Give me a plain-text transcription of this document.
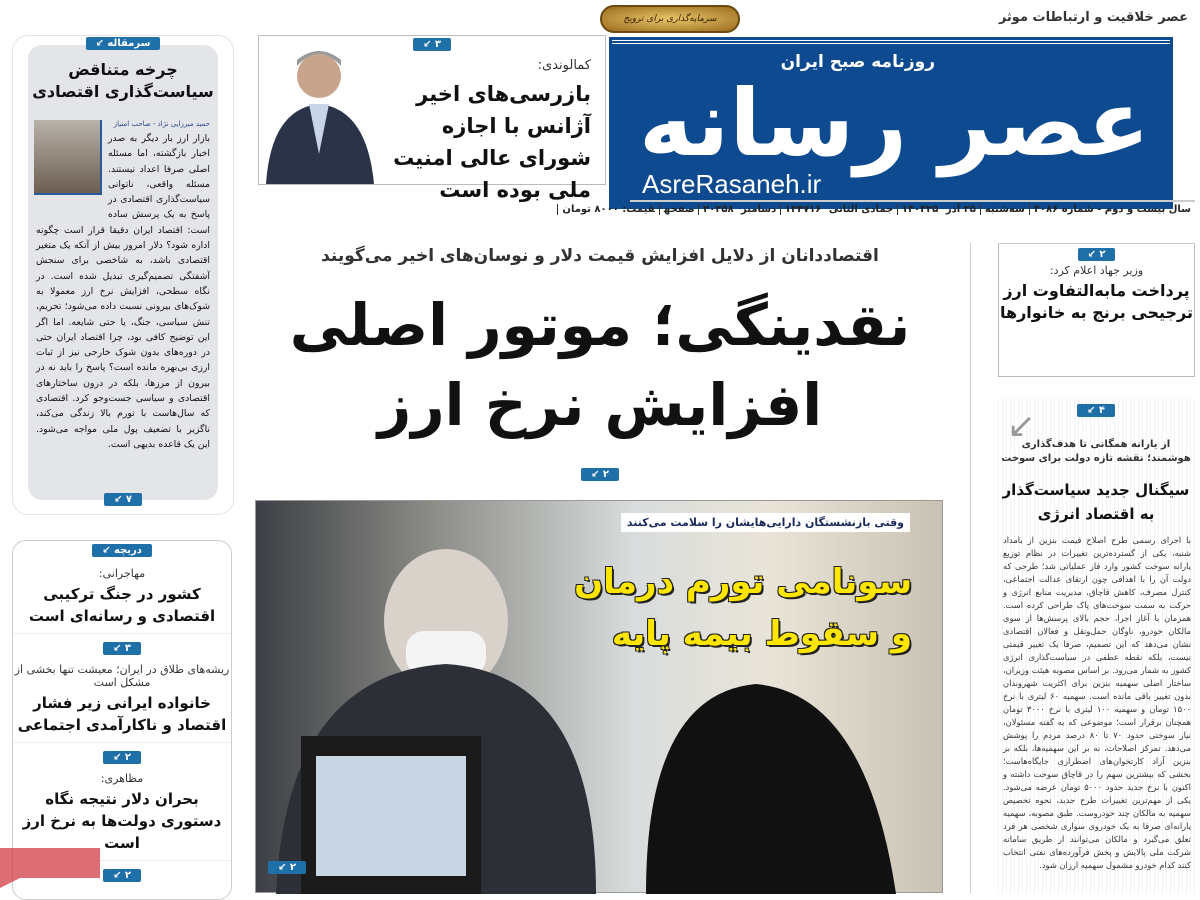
عصر خلاقیت و ارتباطات موثر
سرمایه‌گذاری برای ترویج
روزنامه صبح ایران
عصر رسانه
AsreRasaneh.ir
سال بیست و دوم - شماره ۴۰۸۶سه‌شنبه۲۵ آذر ۱۴۰۴۲۵ جمادی الثانی ۱۴۴۷۱۶ دسامبر ۲۰۲۵۸ صفحهقیمت: ۸۰۰۰ تومان
۳ ↙
کمالوندی:
بازرسی‌های اخیر آژانس با اجازه شورای عالی امنیت ملی بوده است
چرخه متناقض
سیاست‌گذاری اقتصادی
حمید میرزایی نژاد - صاحب امتیاز
بازار ارز بار دیگر به صدر اخبار بازگشته، اما مسئله اصلی صرفا اعداد نیستند. مسئله واقعی، ناتوانی سیاست‌گذاری اقتصادی در پاسخ به یک پرسش ساده است: اقتصاد ایران دقیقا قرار است چگونه اداره شود؟ دلار امروز بیش از آنکه یک متغیر اقتصادی باشد، به شاخصی برای سنجش آشفتگی تصمیم‌گیری تبدیل شده است. در نگاه سطحی، افزایش نرخ ارز معمولا به شوک‌های بیرونی نسبت داده می‌شود؛ تحریم، تنش سیاسی، جنگ، یا حتی شایعه. اما اگر این توضیح کافی بود، چرا اقتصاد ایران حتی در دوره‌های بدون شوک خارجی نیز از ثبات ارزی بی‌بهره مانده است؟ پاسخ را باید نه در بیرون از مرزها، بلکه در درون ساختارهای اقتصادی و سیاسی جست‌وجو کرد. اقتصادی که سال‌هاست با تورم بالا زندگی می‌کند، ناگزیر با تضعیف پول ملی مواجه می‌شود. این یک قاعده بدیهی است.
۷ ↙
سرمقاله ↙
دریچه ↙
مهاجرانی:
کشور در جنگ ترکیبی اقتصادی و رسانه‌ای است
۳ ↙
ریشه‌های طلاق در ایران؛ معیشت تنها بخشی از مشکل است
خانواده ایرانی زیر فشار اقتصاد و ناکارآمدی اجتماعی
۲ ↙
مظاهری:
بحران دلار نتیجه نگاه دستوری دولت‌ها به نرخ ارز است
۲ ↙
اقتصاددانان از دلایل افزایش قیمت دلار و نوسان‌های اخیر می‌گویند
نقدینگی؛ موتور اصلی
افزایش نرخ ارز
۲ ↙
وقتی بازنشستگان دارایی‌هایشان را سلامت می‌کنند
سونامی تورم درمان
و سقوط بیمه پایه
۲ ↙
۲ ↙
وزیر جهاد اعلام کرد:
پرداخت مابه‌التفاوت ارز ترجیحی برنج به خانوارها
۴ ↙
↙
از یارانه همگانی تا هدف‌گذاری هوشمند؛ نقشه تازه دولت برای سوخت
سیگنال جدید سیاست‌گذار به اقتصاد انرژی
با اجرای رسمی طرح اصلاح قیمت بنزین از بامداد شنبه، یکی از گسترده‌ترین تغییرات در نظام توزیع یارانه سوخت کشور وارد فاز عملیاتی شد؛ طرحی که دولت آن را با اهدافی چون ارتقای عدالت اجتماعی، کنترل مصرف، کاهش قاچاق، مدیریت منابع انرژی و حرکت به سمت سوخت‌های پاک طراحی کرده است. همزمان با آغاز اجرا، حجم بالای پرسش‌ها از سوی مالکان خودرو، ناوگان حمل‌ونقل و فعالان اقتصادی نشان می‌دهد که این تصمیم، صرفا یک تغییر قیمتی نیست، بلکه نقطه عطفی در سیاست‌گذاری انرژی کشور به شمار می‌رود. بر اساس مصوبه هیئت وزیران، ساختار اصلی سهمیه بنزین برای اکثریت شهروندان بدون تغییر باقی مانده است. سهمیه ۶۰ لیتری با نرخ ۱۵۰۰ تومان و سهمیه ۱۰۰ لیتری با نرخ ۳۰۰۰ تومان همچنان برقرار است؛ موضوعی که به گفته مسئولان، نیاز سوختی حدود ۷۰ تا ۸۰ درصد مردم را پوشش می‌دهد. تمرکز اصلاحات، نه بر این سهمیه‌ها، بلکه بر بنزین آزاد کارتخوان‌های اضطراری جایگاه‌هاست؛ بخشی که بیشترین سهم را در قاچاق سوخت داشته و اکنون با نرخ جدید حدود ۵۰۰۰ تومان عرضه می‌شود. یکی از مهم‌ترین تغییرات طرح جدید، نحوه تخصیص سهمیه به مالکان چند خودروست. طبق مصوبه، سهمیه یارانه‌ای صرفا به یک خودروی سواری شخصی هر فرد تعلق می‌گیرد و مالکان می‌توانند از طریق سامانه شرکت ملی پالایش و پخش فرآورده‌های نفتی انتخاب کنند کدام خودرو مشمول سهمیه ارزان شود.
